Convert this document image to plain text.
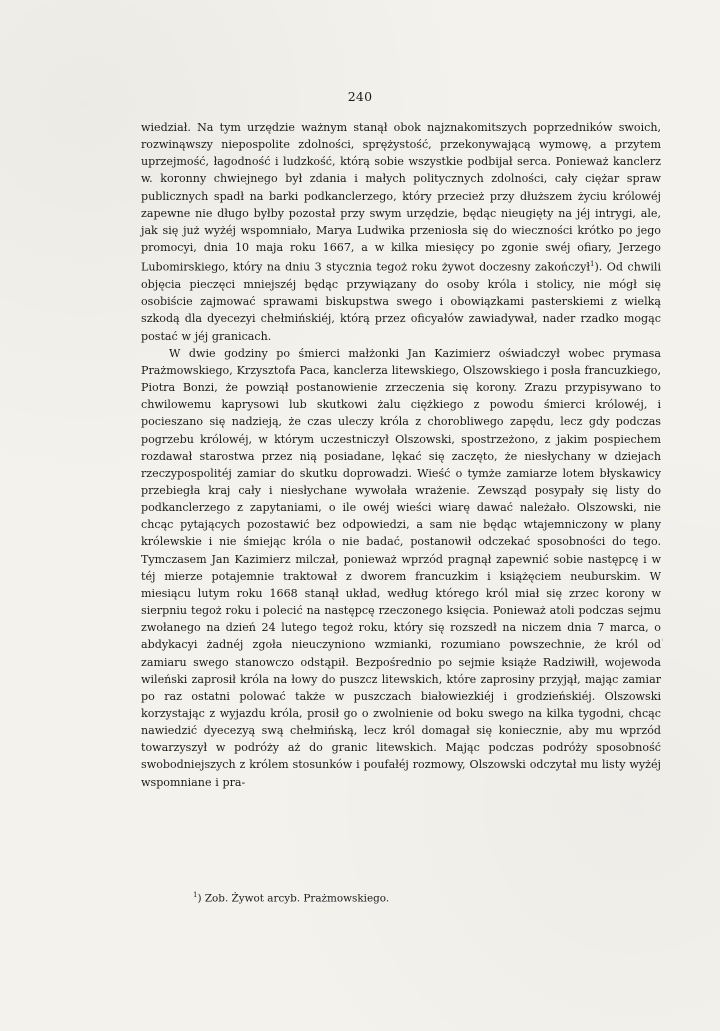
240

wiedział. Na tym urzędzie ważnym stanął obok najznakomitszych poprzedników swoich, rozwinąwszy niepospolite zdolności, sprężystość, przekonywającą wymowę, a przytem uprzejmość, łagodność i ludzkość, którą sobie wszystkie podbijał serca. Ponieważ kanclerz w. koronny chwiejnego był zdania i małych politycznych zdolności, cały ciężar spraw publicznych spadł na barki podkanclerzego, który przecież przy dłuższem życiu królowéj zapewne nie długo byłby pozostał przy swym urzędzie, będąc nieugięty na jéj intrygi, ale, jak się już wyżéj wspomniało, Marya Ludwika przeniosła się do wieczności krótko po jego promocyi, dnia 10 maja roku 1667, a w kilka miesięcy po zgonie swéj ofiary, Jerzego Lubomirskiego, który na dniu 3 stycznia tegoż roku żywot doczesny zakończył$^1$). Od chwili objęcia pieczęci mniejszéj będąc przywiązany do osoby króla i stolicy, nie mógł się osobiście zajmować sprawami biskupstwa swego i obowiązkami pasterskiemi z wielką szkodą dla dyecezyi chełmińskiéj, którą przez oficyałów zawiadywał, nader rzadko mogąc postać w jéj granicach.

W dwie godziny po śmierci małżonki Jan Kazimierz oświadczył wobec prymasa Prażmowskiego, Krzysztofa Paca, kanclerza litewskiego, Olszowskiego i posła francuzkiego, Piotra Bonzi, że powziął postanowienie zrzeczenia się korony. Zrazu przypisywano to chwilowemu kaprysowi lub skutkowi żalu ciężkiego z powodu śmierci królowéj, i pocieszano się nadzieją, że czas uleczy króla z chorobliwego zapędu, lecz gdy podczas pogrzebu królowéj, w którym uczestniczył Olszowski, spostrzeżono, z jakim pospiechem rozdawał starostwa przez nią posiadane, lękać się zaczęto, że niesłychany w dziejach rzeczypospolitéj zamiar do skutku doprowadzi. Wieść o tymże zamiarze lotem błyskawicy przebiegła kraj cały i niesłychane wywołała wrażenie. Zewsząd posypały się listy do podkanclerzego z zapytaniami, o ile owéj wieści wiarę dawać należało. Olszowski, nie chcąc pytających pozostawić bez odpowiedzi, a sam nie będąc wtajemniczony w plany królewskie i nie śmiejąc króla o nie badać, postanowił odczekać sposobności do tego. Tymczasem Jan Kazimierz milczał, ponieważ wprzód pragnął zapewnić sobie następcę i w téj mierze potajemnie traktował z dworem francuzkim i książęciem neuburskim. W miesiącu lutym roku 1668 stanął układ, według którego król miał się zrzec korony w sierpniu tegoż roku i polecić na następcę rzeczonego księcia. Ponieważ atoli podczas sejmu zwołanego na dzień 24 lutego tegoż roku, który się rozszedł na niczem dnia 7 marca, o abdykacyi żadnéj zgoła nieuczyniono wzmianki, rozumiano powszechnie, że król od zamiaru swego stanowczo odstąpił. Bezpośrednio po sejmie książe Radziwiłł, wojewoda wileński zaprosił króla na łowy do puszcz litewskich, które zaprosiny przyjął, mając zamiar po raz ostatni polować także w puszczach białowiezkiéj i grodzieńskiéj. Olszowski korzystając z wyjazdu króla, prosił go o zwolnienie od boku swego na kilka tygodni, chcąc nawiedzić dyecezyą swą chełmińską, lecz król domagał się koniecznie, aby mu wprzód towarzyszył w podróży aż do granic litewskich. Mając podczas podróży sposobność swobodniejszych z królem stosunków i poufałéj rozmowy, Olszowski odczytał mu listy wyżéj wspomniane i pra-

'
$^1$) Zob. Żywot arcyb. Prażmowskiego.
